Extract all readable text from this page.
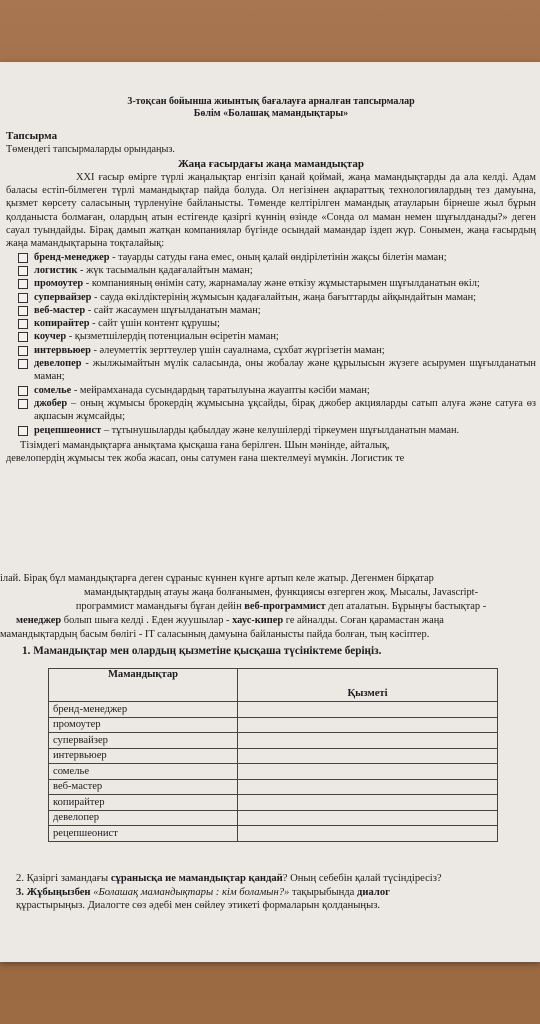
3-тоқсан бойынша жиынтық бағалауға арналған тапсырмалар
Бөлім «Болашақ мамандықтары»
Тапсырма
Төмендегі тапсырмаларды орындаңыз.
Жаңа ғасырдағы жаңа мамандықтар
XXI ғасыр өмірге түрлі жаңалықтар енгізіп қанай қоймай, жаңа мамандықтарды да ала келді. Адам баласы естіп-білмеген түрлі мамандықтар пайда болуда. Ол негізінен ақпараттық технологиялардың тез дамуына, қызмет көрсету саласының түрленуіне байланысты. Төменде келтірілген мамандық атауларын бірнеше жыл бұрын қолданыста болмаған, олардың атын естігенде қазіргі күннің өзінде «Сонда ол маман немен шұғылданады?» деген сауал туындайды. Бірақ дамып жатқан компаниялар бүгінде осындай мамандар іздеп жүр. Сонымен, жаңа ғасырдың жаңа мамандықтарына тоқталайық:
бренд-менеджер - тауарды сатуды ғана емес, оның қалай өндірілетінін жақсы білетін маман;
логистик - жүк тасымалын қадағалайтын маман;
промоутер - компанияның өнімін сату, жарнамалау және өткізу жұмыстарымен шұғылданатын өкіл;
супервайзер - сауда өкілдіктерінің жұмысын қадағалайтын, жаңа бағыттарды айқындайтын маман;
веб-мастер - сайт жасаумен шұғылданатын маман;
копирайтер - сайт үшін контент құрушы;
коучер - қызметшілердің потенциалын өсіретін маман;
интервьюер - әлеуметтік зерттеулер үшін сауалнама, сұхбат жүргізетін маман;
девелопер - жылжымайтын мүлік саласында, оны жобалау және құрылысын жүзеге асырумен шұғылданатын маман;
сомелье - мейрамханада сусындардың таратылуына жауапты кәсіби маман;
джобер – оның жұмысы брокердің жұмысына ұқсайды, бірақ джобер акцияларды сатып алуға және сатуға өз ақшасын жұмсайды;
рецепшеонист – тұтынушыларды қабылдау және келушілерді тіркеумен шұғылданатын маман.
Тізімдегі мамандықтарға анықтама қысқаша ғана берілген. Шын мәнінде, айталық,
девелопердің жұмысы тек жоба жасап, оны сатумен ғана шектелмеуі мүмкін. Логистик те
ілай. Бірақ бұл мамандықтарға деген сұраныс күннен күнге артып келе жатыр. Дегенмен бірқатар
мамандықтардың атауы жаңа болғанымен, функциясы өзгерген жоқ. Мысалы, Javascript-
программист мамандығы бұған дейін веб-программист деп аталатын. Бұрыңғы бастықтар -
менеджер болып шыға келді . Еден жуушылар - хаус-кипер ге айналды. Соған қарамастан жаңа
мамандықтардың басым бөлігі - IT саласының дамуына байланысты пайда болған, тың кәсіптер.
1. Мамандықтар мен олардың қызметіне қысқаша түсініктеме беріңіз.
Мамандықтар	Қызметі
бренд-менеджер	
промоутер	
супервайзер	
интервьюер	
сомелье	
веб-мастер	
копирайтер	
девелопер	
рецепшеонист	
2. Қазіргі замандағы сұранысқа ие мамандықтар қандай? Оның себебін қалай түсіндіресіз?
3. Жұбыңызбен «Болашақ мамандықтары : кім боламын?» тақырыбында диалог
құрастырыңыз. Диалогте сөз әдебі мен сөйлеу этикеті формаларын қолданыңыз.
